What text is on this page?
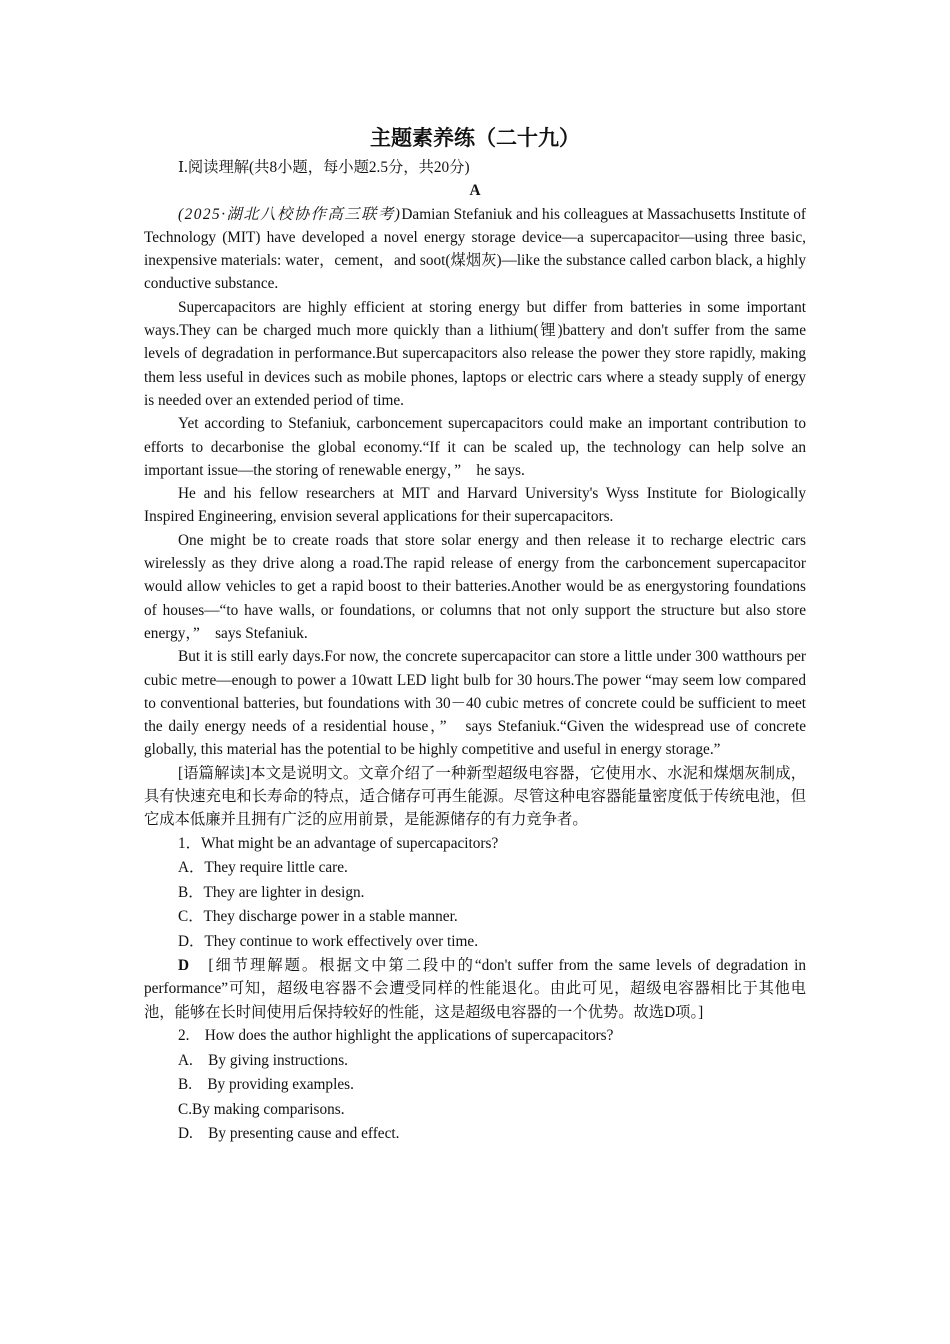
主题素养练（二十九）

Ⅰ.阅读理解(共8小题，每小题2.5分，共20分)

A

(2025·湖北八校协作高三联考)Damian Stefaniuk and his colleagues at Massachusetts Institute of Technology (MIT) have developed a novel energy storage device—a supercapacitor—using three basic, inexpensive materials: water，cement，and soot(煤烟灰)—like the substance called carbon black, a highly conductive substance.

Supercapacitors are highly efficient at storing energy but differ from batteries in some important ways.They can be charged much more quickly than a lithium(锂)battery and don't suffer from the same levels of degradation in performance.But supercapacitors also release the power they store rapidly, making them less useful in devices such as mobile phones, laptops or electric cars where a steady supply of energy is needed over an extended period of time.

Yet according to Stefaniuk, carboncement supercapacitors could make an important contribution to efforts to decarbonise the global economy.“If it can be scaled up, the technology can help solve an important issue—the storing of renewable energy，”　he says.

He and his fellow researchers at MIT and Harvard University's Wyss Institute for Biologically Inspired Engineering, envision several applications for their supercapacitors.

One might be to create roads that store solar energy and then release it to recharge electric cars wirelessly as they drive along a road.The rapid release of energy from the carboncement supercapacitor would allow vehicles to get a rapid boost to their batteries.Another would be as energystoring foundations of houses—“to have walls, or foundations, or columns that not only support the structure but also store energy，”　says Stefaniuk.

But it is still early days.For now, the concrete supercapacitor can store a little under 300 watthours per cubic metre—enough to power a 10watt LED light bulb for 30 hours.The power “may seem low compared to conventional batteries, but foundations with 30－40 cubic metres of concrete could be sufficient to meet the daily energy needs of a residential house，”　says Stefaniuk.“Given the widespread use of concrete globally, this material has the potential to be highly competitive and useful in energy storage.”

[语篇解读]本文是说明文。文章介绍了一种新型超级电容器，它使用水、水泥和煤烟灰制成，具有快速充电和长寿命的特点，适合储存可再生能源。尽管这种电容器能量密度低于传统电池，但它成本低廉并且拥有广泛的应用前景，是能源储存的有力竞争者。

1．What might be an advantage of supercapacitors?

A．They require little care.

B．They are lighter in design.

C．They discharge power in a stable manner.

D．They continue to work effectively over time.

D　 [细节理解题。根据文中第二段中的“don't suffer from the same levels of degradation in performance”可知，超级电容器不会遭受同样的性能退化。由此可见，超级电容器相比于其他电池，能够在长时间使用后保持较好的性能，这是超级电容器的一个优势。故选D项。]

2.　How does the author highlight the applications of supercapacitors?

A.　By giving instructions.

B.　By providing examples.

C.By making comparisons.

D.　By presenting cause and effect.
